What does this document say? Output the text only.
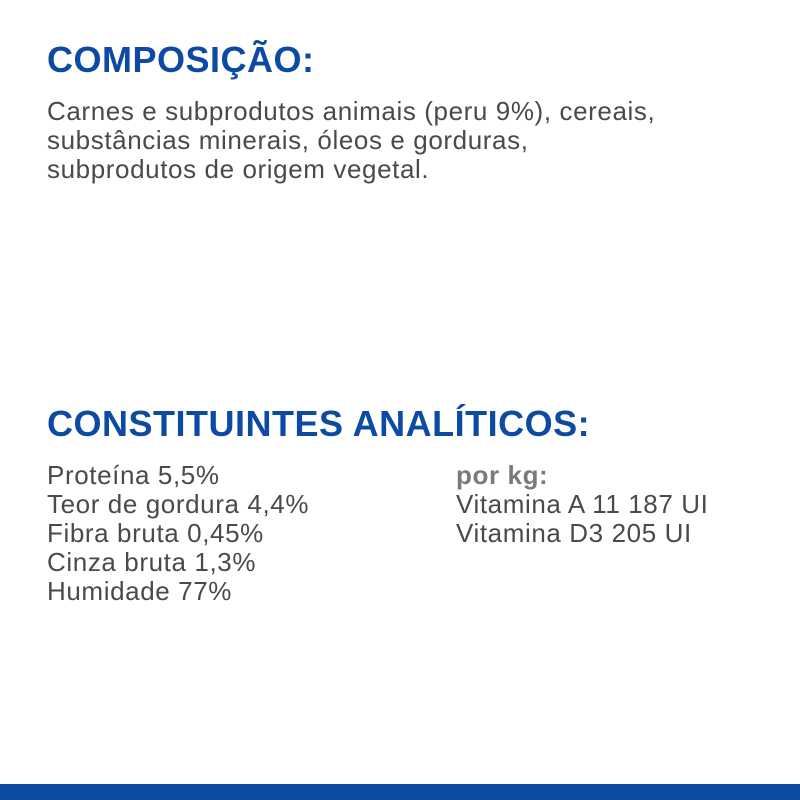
COMPOSIÇÃO:

Carnes e subprodutos animais (peru 9%), cereais,
substâncias minerais, óleos e gorduras,
subprodutos de origem vegetal.

CONSTITUINTES ANALÍTICOS:
Proteína 5,5%
Teor de gordura 4,4%
Fibra bruta 0,45%
Cinza bruta 1,3%
Humidade 77%
por kg:
Vitamina A 11 187 UI
Vitamina D3 205 UI
